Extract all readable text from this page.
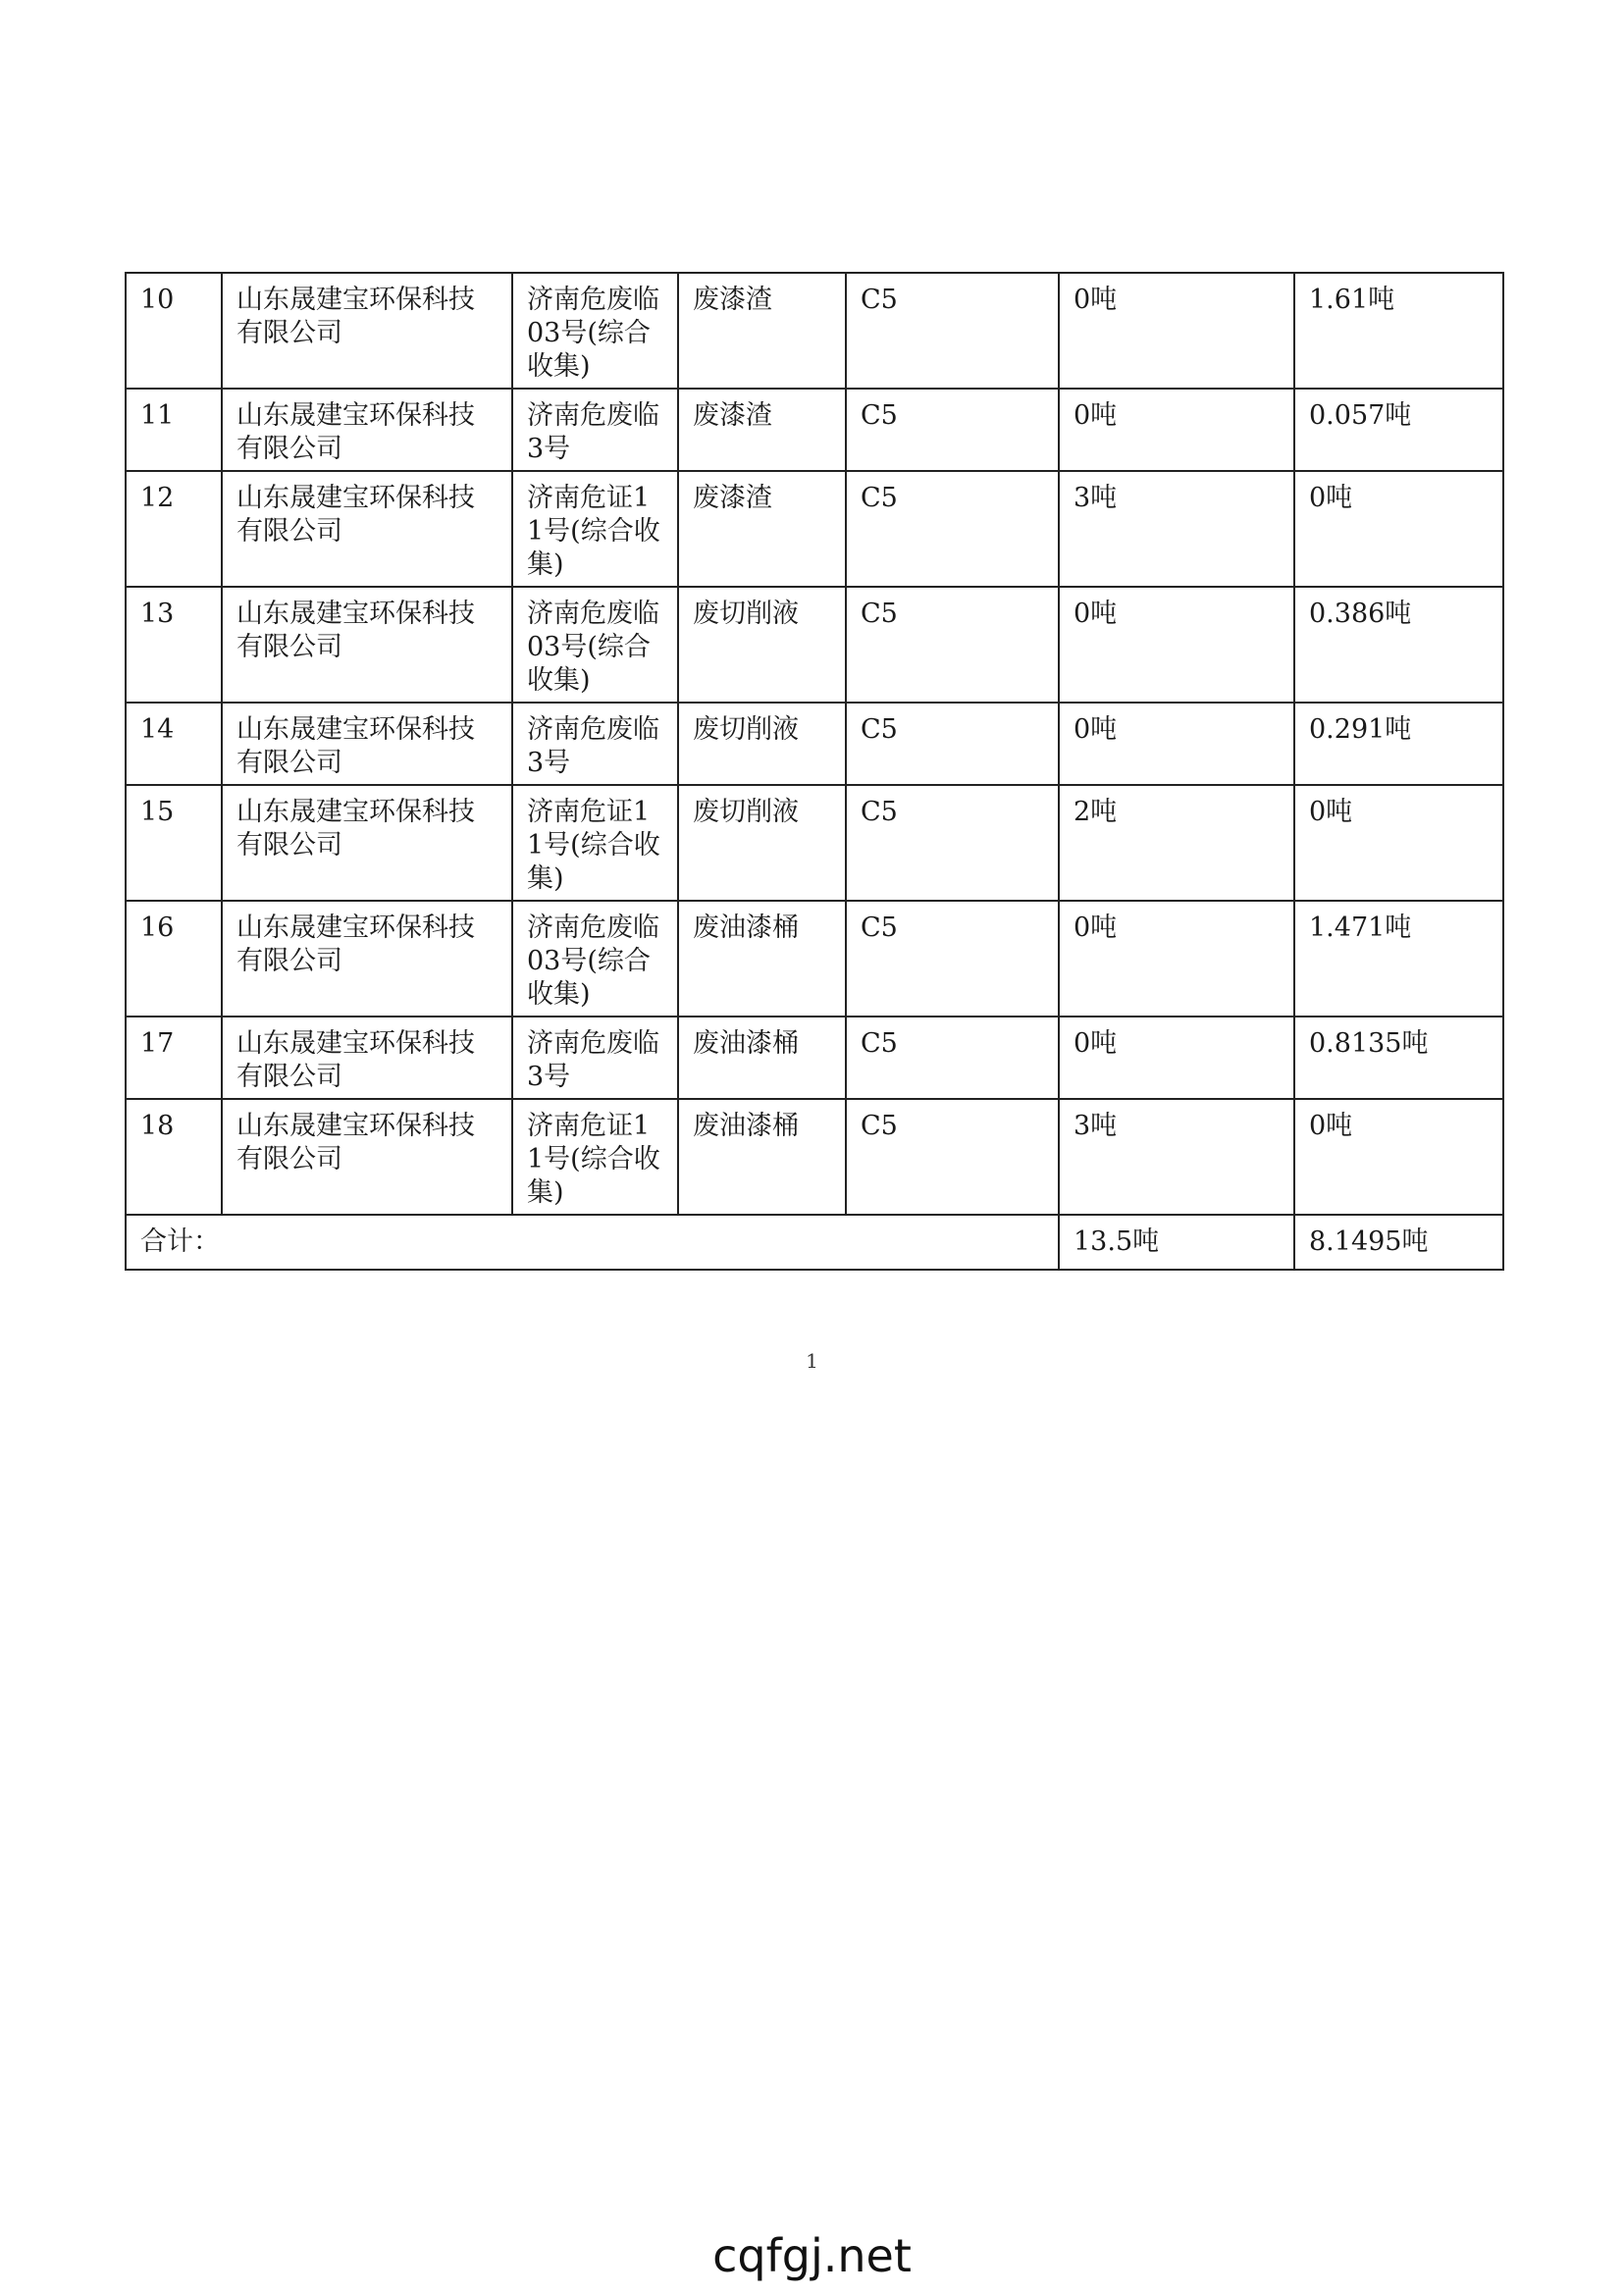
10	山东晟建宝环保科技有限公司	济南危废临03号(综合收集)	废漆渣	C5	0吨	1.61吨
11	山东晟建宝环保科技有限公司	济南危废临3号	废漆渣	C5	0吨	0.057吨
12	山东晟建宝环保科技有限公司	济南危证11号(综合收集)	废漆渣	C5	3吨	0吨
13	山东晟建宝环保科技有限公司	济南危废临03号(综合收集)	废切削液	C5	0吨	0.386吨
14	山东晟建宝环保科技有限公司	济南危废临3号	废切削液	C5	0吨	0.291吨
15	山东晟建宝环保科技有限公司	济南危证11号(综合收集)	废切削液	C5	2吨	0吨
16	山东晟建宝环保科技有限公司	济南危废临03号(综合收集)	废油漆桶	C5	0吨	1.471吨
17	山东晟建宝环保科技有限公司	济南危废临3号	废油漆桶	C5	0吨	0.8135吨
18	山东晟建宝环保科技有限公司	济南危证11号(综合收集)	废油漆桶	C5	3吨	0吨
合计：					13.5吨	8.1495吨
1
cqfgj.net
